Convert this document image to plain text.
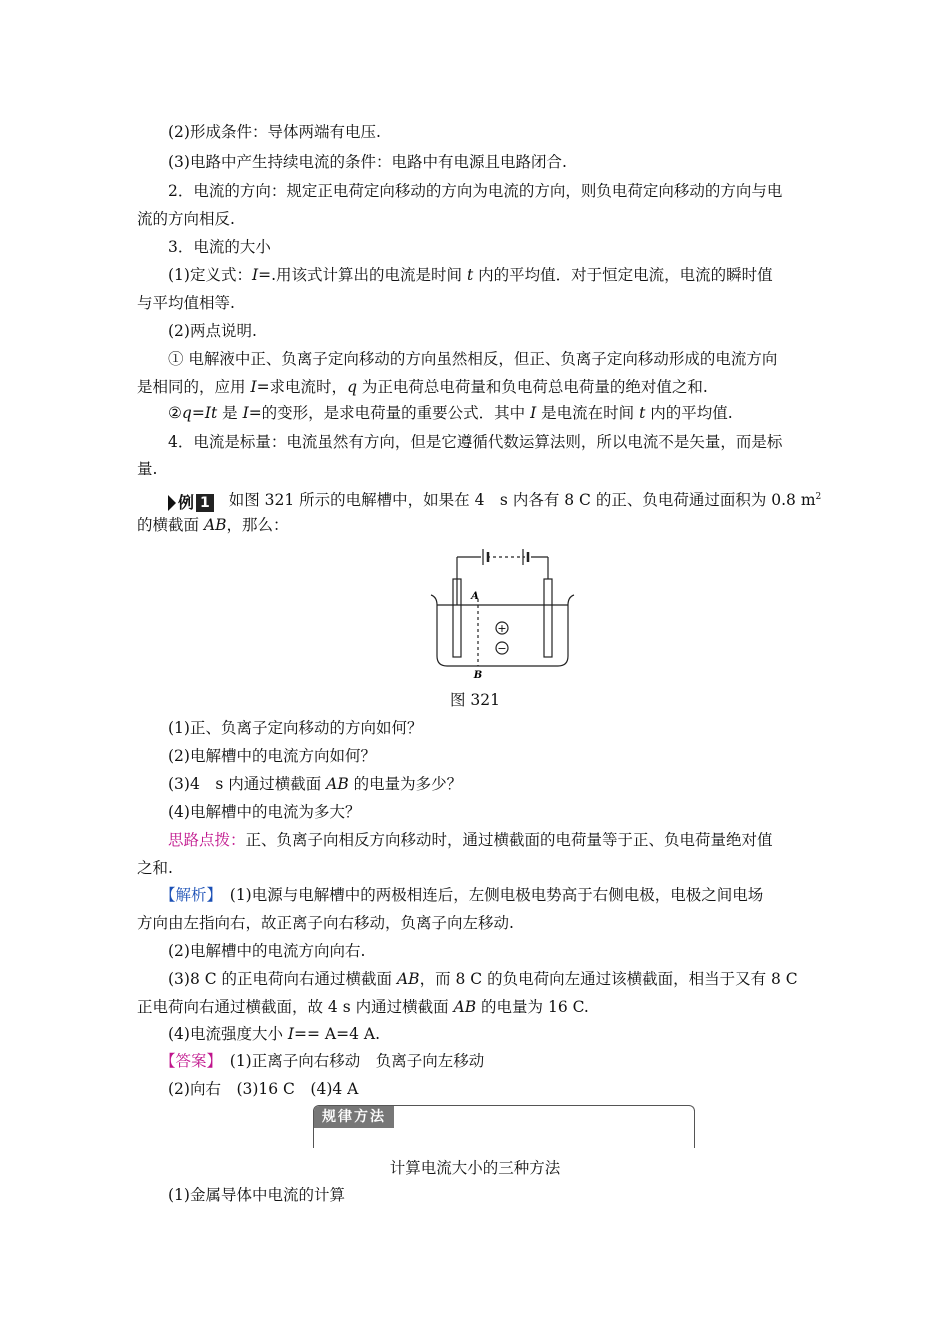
(2)形成条件：导体两端有电压.
(3)电路中产生持续电流的条件：电路中有电源且电路闭合.
2．电流的方向：规定正电荷定向移动的方向为电流的方向，则负电荷定向移动的方向与电
流的方向相反.
3．电流的大小
(1)定义式：I=.用该式计算出的电流是时间 t 内的平均值．对于恒定电流，电流的瞬时值
与平均值相等.
(2)两点说明.
① 电解液中正、负离子定向移动的方向虽然相反，但正、负离子定向移动形成的电流方向
是相同的，应用 I=求电流时，q 为正电荷总电荷量和负电荷总电荷量的绝对值之和.
②q=It 是 I=的变形，是求电荷量的重要公式．其中 I 是电流在时间 t 内的平均值.
4．电流是标量：电流虽然有方向，但是它遵循代数运算法则，所以电流不是矢量，而是标
量.
例 1 如图 321 所示的电解槽中，如果在 4　s 内各有 8 C 的正、负电荷通过面积为 0.8 $m^2$
的横截面 AB，那么：
A
B
+
−
图 321
(1)正、负离子定向移动的方向如何？
(2)电解槽中的电流方向如何？
(3)4　s 内通过横截面 AB 的电量为多少？
(4)电解槽中的电流为多大？
思路点拨：正、负离子向相反方向移动时，通过横截面的电荷量等于正、负电荷量绝对值
之和.
【解析】　(1)电源与电解槽中的两极相连后，左侧电极电势高于右侧电极，电极之间电场
方向由左指向右，故正离子向右移动，负离子向左移动.
(2)电解槽中的电流方向向右.
(3)8 C 的正电荷向右通过横截面 AB，而 8 C 的负电荷向左通过该横截面，相当于又有 8 C
正电荷向右通过横截面，故 4 s 内通过横截面 AB 的电量为 16 C.
(4)电流强度大小 I== A=4 A.
【答案】　(1)正离子向右移动　负离子向左移动
(2)向右　(3)16 C　(4)4 A
规律方法
计算电流大小的三种方法
(1)金属导体中电流的计算
